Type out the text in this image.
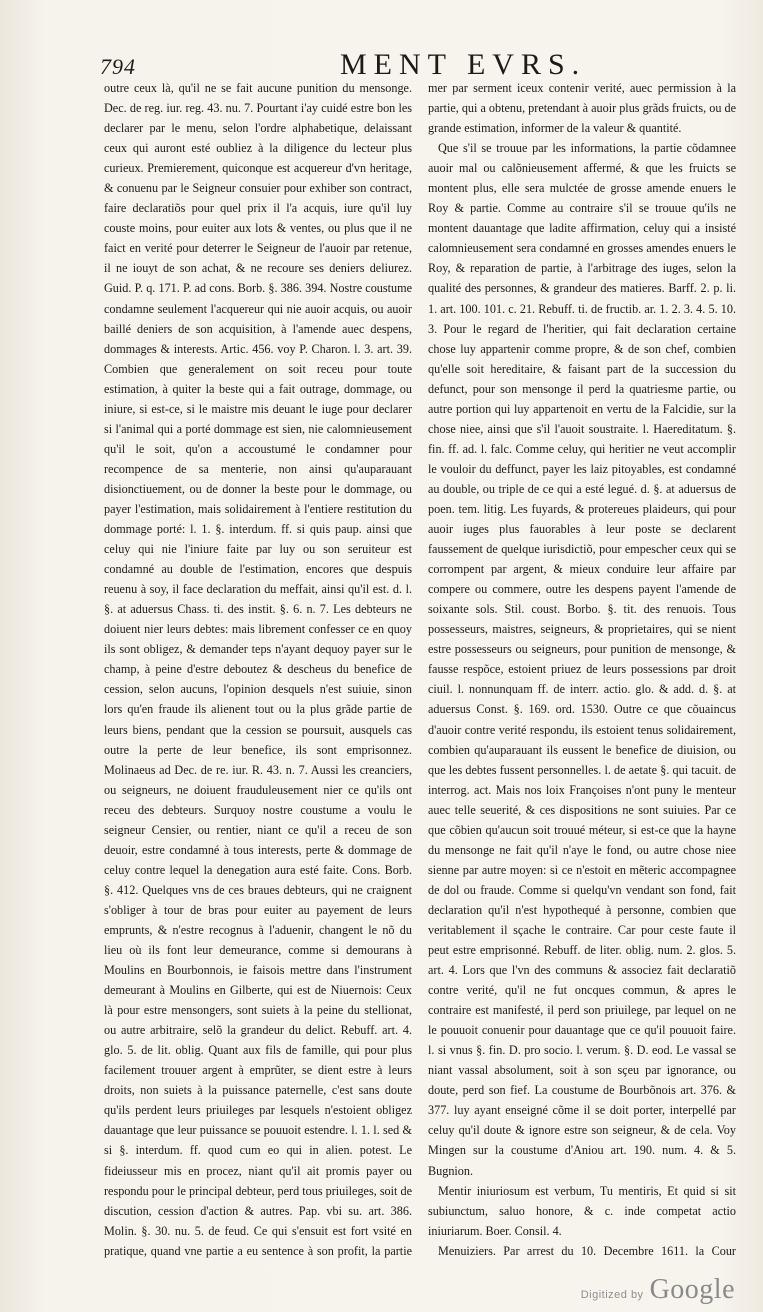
794	MENT EVRS.

outre ceux là, qu'il ne se fait aucune punition du mensonge. Dec. de reg. iur. reg. 43. nu. 7. Pourtant i'ay cuidé estre bon les declarer par le menu, selon l'ordre alphabetique, delaissant ceux qui auront esté oubliez à la diligence du lecteur plus curieux. Premierement, quiconque est acquereur d'vn heritage, & conuenu par le Seigneur consuier pour exhiber son contract, faire declaratiõs pour quel prix il l'a acquis, iure qu'il luy couste moins, pour euiter aux lots & ventes, ou plus que il ne faict en verité pour deterrer le Seigneur de l'auoir par retenue, il ne iouyt de son achat, & ne recoure ses deniers deliurez. Guid. P. q. 171. P. ad cons. Borb. §. 386. 394. Nostre coustume condamne seulement l'acquereur qui nie auoir acquis, ou auoir baillé deniers de son acquisition, à l'amende auec despens, dommages & interests. Artic. 456. voy P. Charon. l. 3. art. 39. Combien que generalement on soit receu pour toute estimation, à quiter la beste qui a fait outrage, dommage, ou iniure, si est-ce, si le maistre mis deuant le iuge pour declarer si l'animal qui a porté dommage est sien, nie calomnieusement qu'il le soit, qu'on a accoustumé le condamner pour recompence de sa menterie, non ainsi qu'auparauant disionctiuement, ou de donner la beste pour le dommage, ou payer l'estimation, mais solidairement à l'entiere restitution du dommage porté: l. 1. §. interdum. ff. si quis paup. ainsi que celuy qui nie l'iniure faite par luy ou son seruiteur est condamné au double de l'estimation, encores que despuis reuenu à soy, il face declaration du meffait, ainsi qu'il est. d. l. §. at aduersus Chass. ti. des instit. §. 6. n. 7. Les debteurs ne doiuent nier leurs debtes: mais librement confesser ce en quoy ils sont obligez, & demander teps n'ayant dequoy payer sur le champ, à peine d'estre deboutez & descheus du benefice de cession, selon aucuns, l'opinion desquels n'est suiuie, sinon lors qu'en fraude ils alienent tout ou la plus grãde partie de leurs biens, pendant que la cession se poursuit, ausquels cas outre la perte de leur benefice, ils sont emprisonnez. Molinaeus ad Dec. de re. iur. R. 43. n. 7. Aussi les creanciers, ou seigneurs, ne doiuent frauduleusement nier ce qu'ils ont receu des debteurs. Surquoy nostre coustume a voulu le seigneur Censier, ou rentier, niant ce qu'il a receu de son deuoir, estre condamné à tous interests, perte & dommage de celuy contre lequel la denegation aura esté faite. Cons. Borb. §. 412. Quelques vns de ces braues debteurs, qui ne craignent s'obliger à tour de bras pour euiter au payement de leurs emprunts, & n'estre recognus à l'aduenir, changent le nõ du lieu où ils font leur demeurance, comme si demourans à Moulins en Bourbonnois, ie faisois mettre dans l'instrument demeurant à Moulins en Gilberte, qui est de Niuernois: Ceux là pour estre mensongers, sont suiets à la peine du stellionat, ou autre arbitraire, selõ la grandeur du delict. Rebuff. art. 4. glo. 5. de lit. oblig. Quant aux fils de famille, qui pour plus facilement trouuer argent à emprũter, se dient estre à leurs droits, non suiets à la puissance paternelle, c'est sans doute qu'ils perdent leurs priuileges par lesquels n'estoient obligez dauantage que leur puissance se pouuoit estendre. l. 1. l. sed & si §. interdum. ff. quod cum eo qui in alien. potest. Le fideiusseur mis en procez, niant qu'il ait promis payer ou respondu pour le principal debteur, perd tous priuileges, soit de discution, cession d'action & autres. Pap. vbi su. art. 386. Molin. §. 30. nu. 5. de feud. Ce qui s'ensuit est fort vsité en pratique, quand vne partie a eu sentence à son profit, la partie

mer par serment iceux contenir verité, auec permission à la partie, qui a obtenu, pretendant à auoir plus grãds fruicts, ou de grande estimation, informer de la valeur & quantité.

Que s'il se trouue par les informations, la partie cõdamnee auoir mal ou calõnieusement affermé, & que les fruicts se montent plus, elle sera mulctée de grosse amende enuers le Roy & partie. Comme au contraire s'il se trouue qu'ils ne montent dauantage que ladite affirmation, celuy qui a insisté calomnieusement sera condamné en grosses amendes enuers le Roy, & reparation de partie, à l'arbitrage des iuges, selon la qualité des personnes, & grandeur des matieres. Barff. 2. p. li. 1. art. 100. 101. c. 21. Rebuff. ti. de fructib. ar. 1. 2. 3. 4. 5. 10. 3. Pour le regard de l'heritier, qui fait declaration certaine chose luy appartenir comme propre, & de son chef, combien qu'elle soit hereditaire, & faisant part de la succession du defunct, pour son mensonge il perd la quatriesme partie, ou autre portion qui luy appartenoit en vertu de la Falcidie, sur la chose niee, ainsi que s'il l'auoit soustraite. l. Haereditatum. §. fin. ff. ad. l. falc. Comme celuy, qui heritier ne veut accomplir le vouloir du deffunct, payer les laiz pitoyables, est condamné au double, ou triple de ce qui a esté legué. d. §. at aduersus de poen. tem. litig. Les fuyards, & protereues plaideurs, qui pour auoir iuges plus fauorables à leur poste se declarent faussement de quelque iurisdictiõ, pour empescher ceux qui se corrompent par argent, & mieux conduire leur affaire par compere ou commere, outre les despens payent l'amende de soixante sols. Stil. coust. Borbo. §. tit. des renuois. Tous possesseurs, maistres, seigneurs, & proprietaires, qui se nient estre possesseurs ou seigneurs, pour punition de mensonge, & fausse respõce, estoient priuez de leurs possessions par droit ciuil. l. nonnunquam ff. de interr. actio. glo. & add. d. §. at aduersus Const. §. 169. ord. 1530. Outre ce que cõuaincus d'auoir contre verité respondu, ils estoient tenus solidairement, combien qu'auparauant ils eussent le benefice de diuision, ou que les debtes fussent personnelles. l. de aetate §. qui tacuit. de interrog. act. Mais nos loix Françoises n'ont puny le menteur auec telle seuerité, & ces dispositions ne sont suiuies. Par ce que cõbien qu'aucun soit trouué méteur, si est-ce que la hayne du mensonge ne fait qu'il n'aye le fond, ou autre chose niee sienne par autre moyen: si ce n'estoit en mẽteric accompagnee de dol ou fraude. Comme si quelqu'vn vendant son fond, fait declaration qu'il n'est hypothequé à personne, combien que veritablement il sçache le contraire. Car pour ceste faute il peut estre emprisonné. Rebuff. de liter. oblig. num. 2. glos. 5. art. 4. Lors que l'vn des communs & associez fait declaratiõ contre verité, qu'il ne fut oncques commun, & apres le contraire est manifesté, il perd son priuilege, par lequel on ne le pouuoit conuenir pour dauantage que ce qu'il pouuoit faire. l. si vnus §. fin. D. pro socio. l. verum. §. D. eod. Le vassal se niant vassal absolument, soit à son sçeu par ignorance, ou doute, perd son fief. La coustume de Bourbõnois art. 376. & 377. luy ayant enseigné cõme il se doit porter, interpellé par celuy qu'il doute & ignore estre son seigneur, & de cela. Voy Mingen sur la coustume d'Aniou art. 190. num. 4. & 5. Bugnion.

Mentir iniuriosum est verbum, Tu mentiris, Et quid si sit subiunctum, saluo honore, & c. inde competat actio iniuriarum. Boer. Consil. 4.

Menuiziers. Par arrest du 10. Decembre 1611. la Cour

Digitized by Google
